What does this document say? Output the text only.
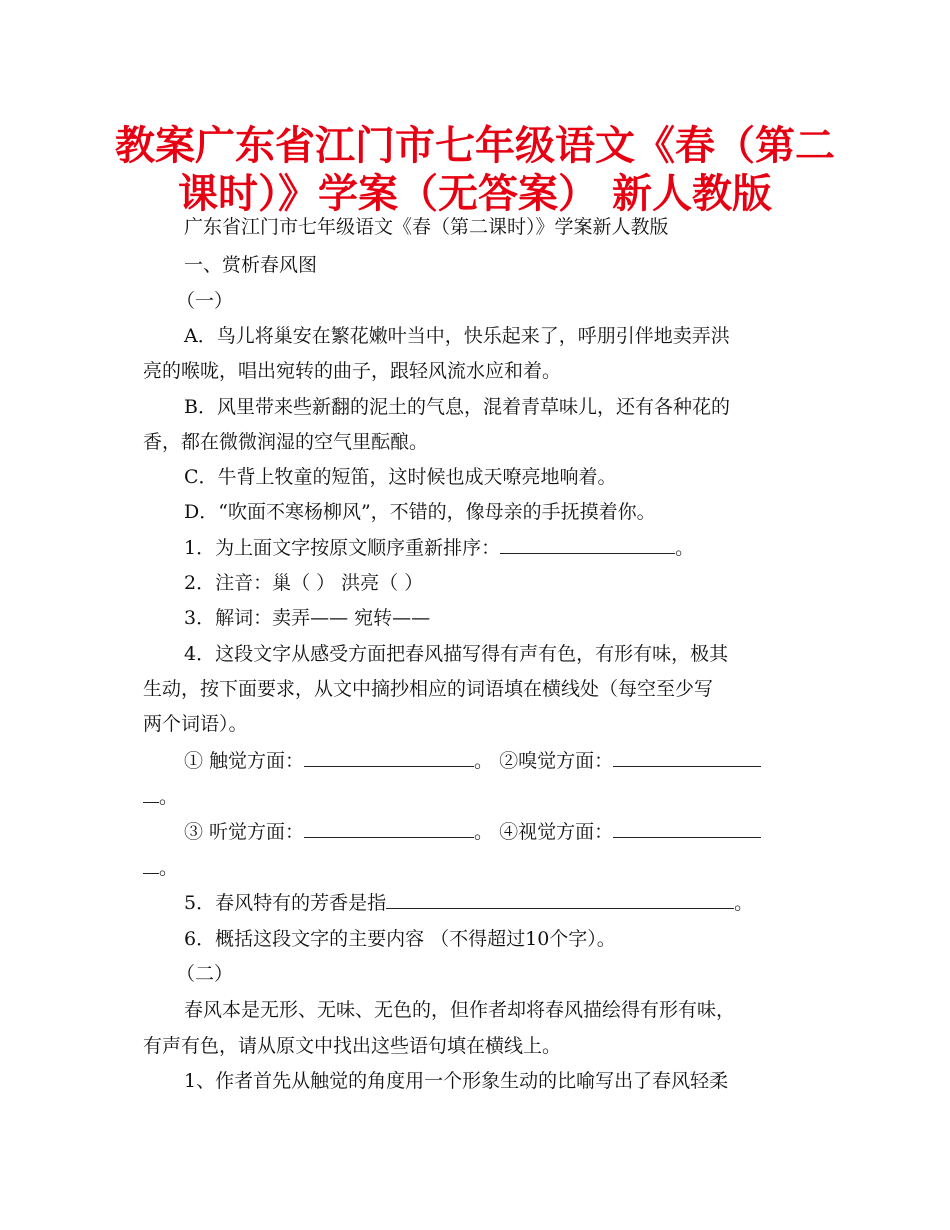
教案广东省江门市七年级语文《春（第二
课时）》学案（无答案） 新人教版
广东省江门市七年级语文《春（第二课时）》学案新人教版
一、赏析春风图
（一）
A．鸟儿将巢安在繁花嫩叶当中，快乐起来了，呼朋引伴地卖弄洪
亮的喉咙，唱出宛转的曲子，跟轻风流水应和着。
B．风里带来些新翻的泥土的气息，混着青草味儿，还有各种花的
香，都在微微润湿的空气里酝酿。
C．牛背上牧童的短笛，这时候也成天嘹亮地响着。
D．“吹面不寒杨柳风”，不错的，像母亲的手抚摸着你。
1．为上面文字按原文顺序重新排序：	。
2．注音：巢（ ） 洪亮（ ）
3．解词：卖弄—— 宛转——
4．这段文字从感受方面把春风描写得有声有色，有形有味，极其
生动，按下面要求，从文中摘抄相应的词语填在横线处（每空至少写
两个词语）。
① 触觉方面：	。 ②嗅觉方面：
。
③ 听觉方面：	。 ④视觉方面：
。
5．春风特有的芳香是指	。
6．概括这段文字的主要内容 （不得超过10个字）。
（二）
春风本是无形、无味、无色的，但作者却将春风描绘得有形有味，
有声有色，请从原文中找出这些语句填在横线上。
1、作者首先从触觉的角度用一个形象生动的比喻写出了春风轻柔
